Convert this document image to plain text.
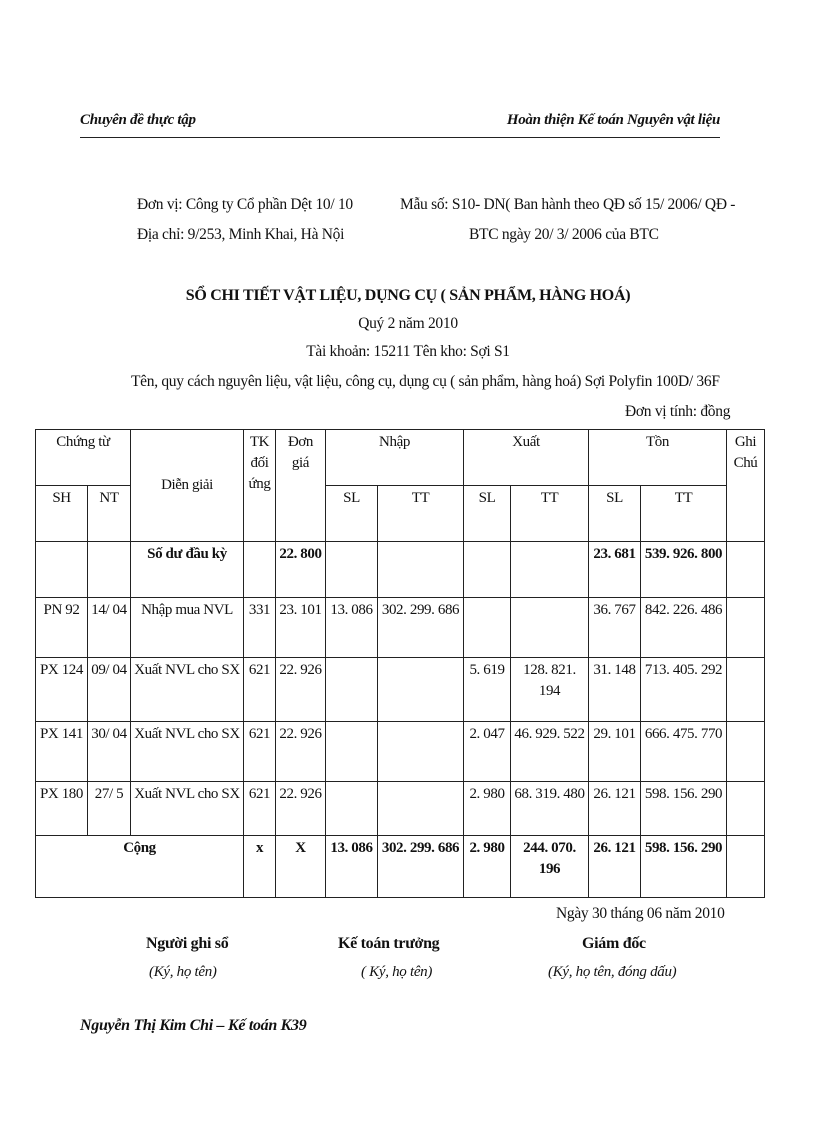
Chuyên đề thực tập	Hoàn thiện Kế toán Nguyên vật liệu
Đơn vị: Công ty Cổ phần Dệt 10/ 10
Địa chỉ: 9/253, Minh Khai, Hà Nội
Mẫu số: S10- DN( Ban hành theo QĐ số 15/ 2006/ QĐ -
BTC ngày 20/ 3/ 2006 của BTC
SỔ CHI TIẾT VẬT LIỆU, DỤNG CỤ ( SẢN PHẨM, HÀNG HOÁ)
Quý 2 năm 2010
Tài khoản: 15211 Tên kho: Sợi S1
Tên, quy cách nguyên liệu, vật liệu, công cụ, dụng cụ ( sản phẩm, hàng hoá) Sợi Polyfin 100D/ 36F
Đơn vị tính: đồng
Chứng từ		Diễn giải	TK đối ứng	Đơn giá	Nhập		Xuất		Tồn		Ghi Chú
SH	NT				SL	TT	SL	TT	SL	TT	
		Số dư đầu kỳ		22. 800					23. 681	539. 926. 800	
PN 92	14/ 04	Nhập mua NVL	331	23. 101	13. 086	302. 299. 686			36. 767	842. 226. 486	
PX 124	09/ 04	Xuất NVL cho SX	621	22. 926			5. 619	128. 821. 194	31. 148	713. 405. 292	
PX 141	30/ 04	Xuất NVL cho SX	621	22. 926			2. 047	46. 929. 522	29. 101	666. 475. 770	
PX 180	27/ 5	Xuất NVL cho SX	621	22. 926			2. 980	68. 319. 480	26. 121	598. 156. 290	
Cộng			x	X	13. 086	302. 299. 686	2. 980	244. 070. 196	26. 121	598. 156. 290	
Ngày 30 tháng 06 năm 2010
Người ghi sổ
(Ký, họ tên)
Kế toán trưởng
( Ký, họ tên)
Giám đốc
(Ký, họ tên, đóng dấu)
Nguyễn Thị Kim Chi – Kế toán K39
